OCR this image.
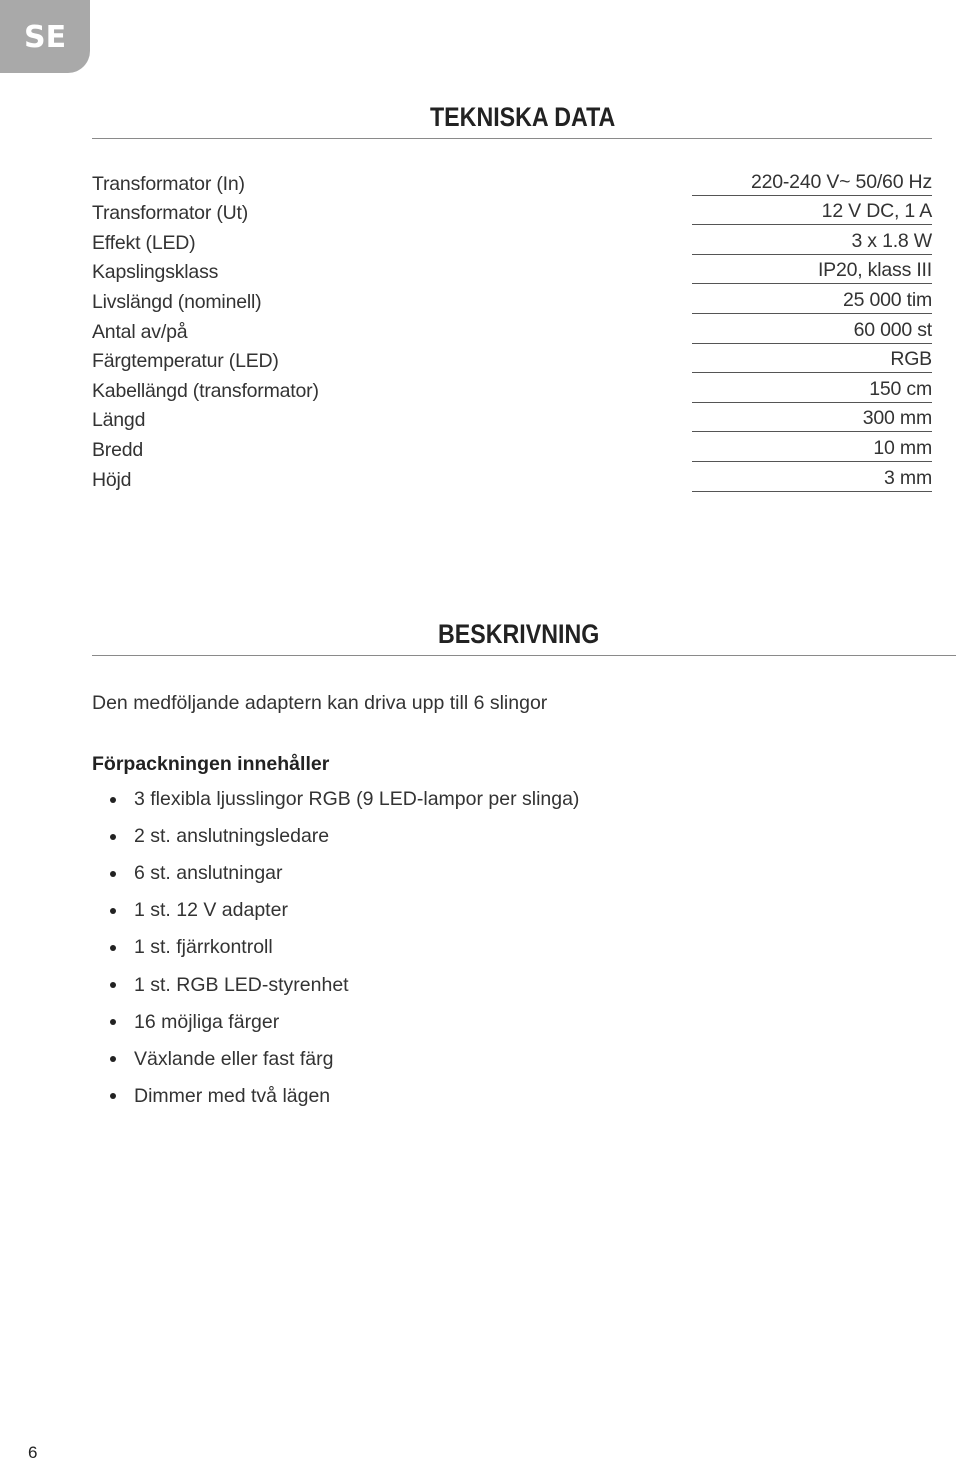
SE
TEKNISKA DATA
Transformator (In)	220-240 V~ 50/60 Hz
Transformator (Ut)	12 V DC, 1 A
Effekt (LED)	3 x 1.8 W
Kapslingsklass	IP20, klass III
Livslängd (nominell)	25 000 tim
Antal av/på	60 000 st
Färgtemperatur (LED)	RGB
Kabellängd (transformator)	150 cm
Längd	300 mm
Bredd	10 mm
Höjd	3 mm
BESKRIVNING
Den medföljande adaptern kan driva upp till 6 slingor
Förpackningen innehåller
3 flexibla ljusslingor RGB (9 LED-lampor per slinga)
2 st. anslutningsledare
6 st. anslutningar
1 st. 12 V adapter
1 st. fjärrkontroll
1 st. RGB LED-styrenhet
16 möjliga färger
Växlande eller fast färg
Dimmer med två lägen
6
